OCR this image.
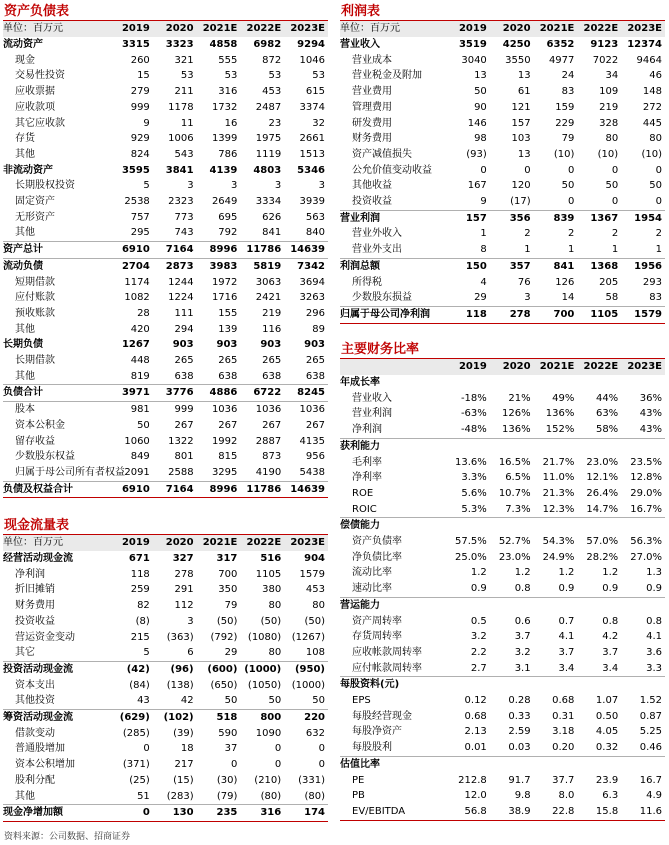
资产负债表
单位：百万元	2019	2020	2021E	2022E	2023E
流动资产	3315	3323	4858	6982	9294
现金	260	321	555	872	1046
交易性投资	15	53	53	53	53
应收票据	279	211	316	453	615
应收款项	999	1178	1732	2487	3374
其它应收款	9	11	16	23	32
存货	929	1006	1399	1975	2661
其他	824	543	786	1119	1513
非流动资产	3595	3841	4139	4803	5346
长期股权投资	5	3	3	3	3
固定资产	2538	2323	2649	3334	3939
无形资产	757	773	695	626	563
其他	295	743	792	841	840
资产总计	6910	7164	8996	11786	14639
流动负债	2704	2873	3983	5819	7342
短期借款	1174	1244	1972	3063	3694
应付账款	1082	1224	1716	2421	3263
预收账款	28	111	155	219	296
其他	420	294	139	116	89
长期负债	1267	903	903	903	903
长期借款	448	265	265	265	265
其他	819	638	638	638	638
负债合计	3971	3776	4886	6722	8245
股本	981	999	1036	1036	1036
资本公积金	50	267	267	267	267
留存收益	1060	1322	1992	2887	4135
少数股东权益	849	801	815	873	956
归属于母公司所有者权益	2091	2588	3295	4190	5438
负债及权益合计	6910	7164	8996	11786	14639
现金流量表
单位：百万元	2019	2020	2021E	2022E	2023E
经营活动现金流	671	327	317	516	904
净利润	118	278	700	1105	1579
折旧摊销	259	291	350	380	453
财务费用	82	112	79	80	80
投资收益	(8)	3	(50)	(50)	(50)
营运资金变动	215	(363)	(792)	(1080)	(1267)
其它	5	6	29	80	108
投资活动现金流	(42)	(96)	(600)	(1000)	(950)
资本支出	(84)	(138)	(650)	(1050)	(1000)
其他投资	43	42	50	50	50
筹资活动现金流	(629)	(102)	518	800	220
借款变动	(285)	(39)	590	1090	632
普通股增加	0	18	37	0	0
资本公积增加	(371)	217	0	0	0
股利分配	(25)	(15)	(30)	(210)	(331)
其他	51	(283)	(79)	(80)	(80)
现金净增加额	0	130	235	316	174
利润表
单位：百万元	2019	2020	2021E	2022E	2023E
营业收入	3519	4250	6352	9123	12374
营业成本	3040	3550	4977	7022	9464
营业税金及附加	13	13	24	34	46
营业费用	50	61	83	109	148
管理费用	90	121	159	219	272
研发费用	146	157	229	328	445
财务费用	98	103	79	80	80
资产减值损失	(93)	13	(10)	(10)	(10)
公允价值变动收益	0	0	0	0	0
其他收益	167	120	50	50	50
投资收益	9	(17)	0	0	0
营业利润	157	356	839	1367	1954
营业外收入	1	2	2	2	2
营业外支出	8	1	1	1	1
利润总额	150	357	841	1368	1956
所得税	4	76	126	205	293
少数股东损益	29	3	14	58	83
归属于母公司净利润	118	278	700	1105	1579
主要财务比率
	2019	2020	2021E	2022E	2023E
年成长率					
营业收入	-18%	21%	49%	44%	36%
营业利润	-63%	126%	136%	63%	43%
净利润	-48%	136%	152%	58%	43%
获利能力					
毛利率	13.6%	16.5%	21.7%	23.0%	23.5%
净利率	3.3%	6.5%	11.0%	12.1%	12.8%
ROE	5.6%	10.7%	21.3%	26.4%	29.0%
ROIC	5.3%	7.3%	12.3%	14.7%	16.7%
偿债能力					
资产负债率	57.5%	52.7%	54.3%	57.0%	56.3%
净负债比率	25.0%	23.0%	24.9%	28.2%	27.0%
流动比率	1.2	1.2	1.2	1.2	1.3
速动比率	0.9	0.8	0.9	0.9	0.9
营运能力					
资产周转率	0.5	0.6	0.7	0.8	0.8
存货周转率	3.2	3.7	4.1	4.2	4.1
应收帐款周转率	2.2	3.2	3.7	3.7	3.6
应付帐款周转率	2.7	3.1	3.4	3.4	3.3
每股资料(元)					
EPS	0.12	0.28	0.68	1.07	1.52
每股经营现金	0.68	0.33	0.31	0.50	0.87
每股净资产	2.13	2.59	3.18	4.05	5.25
每股股利	0.01	0.03	0.20	0.32	0.46
估值比率					
PE	212.8	91.7	37.7	23.9	16.7
PB	12.0	9.8	8.0	6.3	4.9
EV/EBITDA	56.8	38.9	22.8	15.8	11.6
资料来源：公司数据、招商证券
